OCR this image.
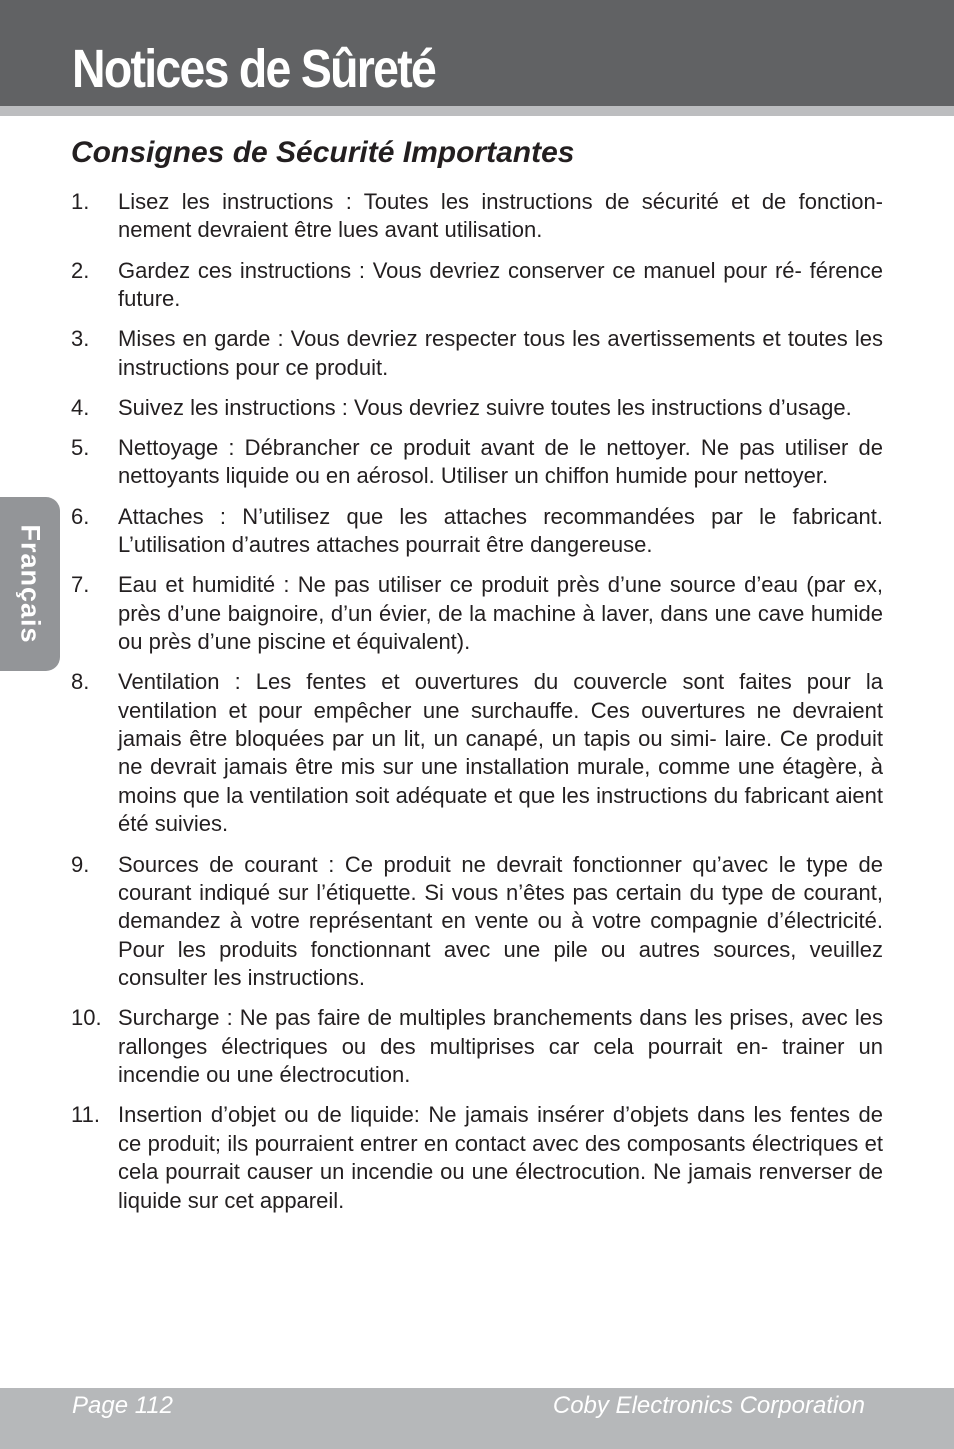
Notices de Sûreté
Consignes de Sécurité Importantes
Français
1.	Lisez les instructions : Toutes les instructions de sécurité et de fonction- nement devraient être lues avant utilisation.
2.	Gardez ces instructions : Vous devriez conserver ce manuel pour ré- férence future.
3.	Mises en garde : Vous devriez respecter tous les avertissements et toutes les instructions pour ce produit.
4.	Suivez les instructions : Vous devriez suivre toutes les instructions d’usage.
5.	Nettoyage : Débrancher ce produit avant de le nettoyer. Ne pas utiliser de nettoyants liquide ou en aérosol. Utiliser un chiffon humide pour nettoyer.
6.	Attaches : N’utilisez que les attaches recommandées par le fabricant. L’utilisation d’autres attaches pourrait être dangereuse.
7.	Eau et humidité : Ne pas utiliser ce produit près d’une source d’eau (par ex, près d’une baignoire, d’un évier, de la machine à laver, dans une cave humide ou près d’une piscine et équivalent).
8.	Ventilation : Les fentes et ouvertures du couvercle sont faites pour la ventilation et pour empêcher une surchauffe. Ces ouvertures ne devraient jamais être bloquées par un lit, un canapé, un tapis ou simi- laire. Ce produit ne devrait jamais être mis sur une installation murale, comme une étagère, à moins que la ventilation soit adéquate et que les instructions du fabricant aient été suivies.
9.	Sources de courant : Ce produit ne devrait fonctionner qu’avec le type de courant indiqué sur l’étiquette. Si vous n’êtes pas certain du type de courant, demandez à votre représentant en vente ou à votre compagnie d’électricité. Pour les produits fonctionnant avec une pile ou autres sources, veuillez consulter les instructions.
10. Surcharge : Ne pas faire de multiples branchements dans les prises, avec les rallonges électriques ou des multiprises car cela pourrait en- trainer un incendie ou une électrocution.
11. Insertion d’objet ou de liquide: Ne jamais insérer d’objets dans les fentes de ce produit; ils pourraient entrer en contact avec des composants électriques et cela pourrait causer un incendie ou une électrocution. Ne jamais renverser de liquide sur cet appareil.
Page 112	Coby Electronics Corporation
